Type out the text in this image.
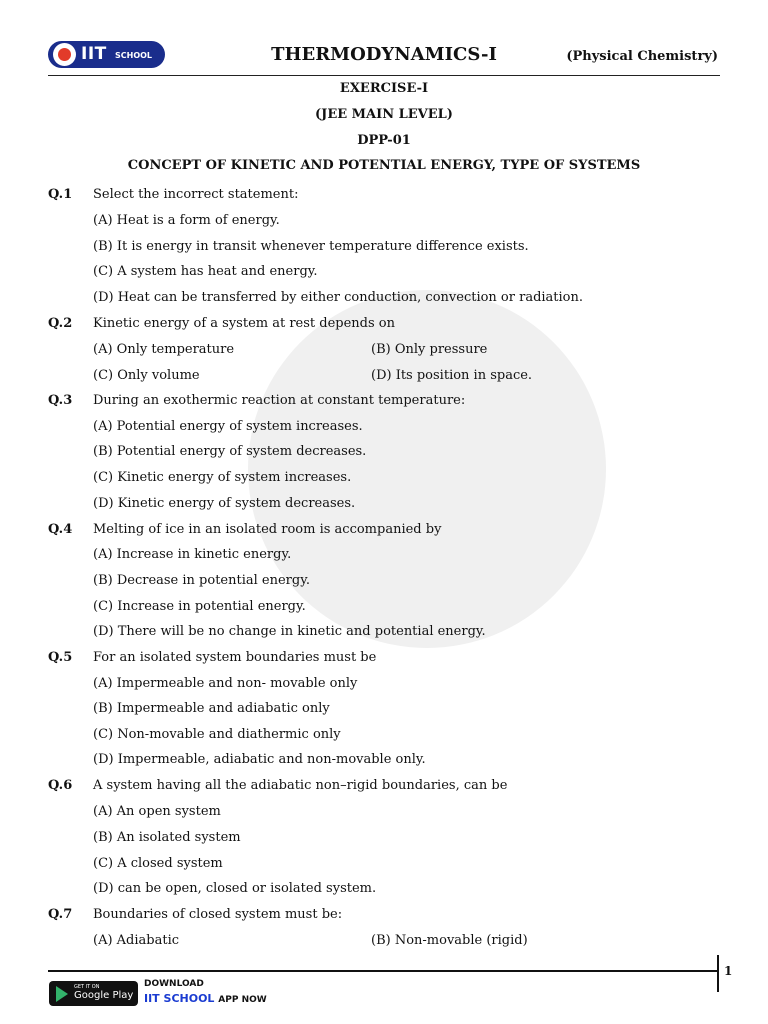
IIT SCHOOL	THERMODYNAMICS-I	(Physical Chemistry)
EXERCISE-I
(JEE MAIN LEVEL)
DPP-01
CONCEPT OF KINETIC AND POTENTIAL ENERGY, TYPE OF SYSTEMS
Q.1 Select the incorrect statement:
(A) Heat is a form of energy.
(B) It is energy in transit whenever temperature difference exists.
(C) A system has heat and energy.
(D) Heat can be transferred by either conduction, convection or radiation.
Q.2 Kinetic energy of a system at rest depends on
(A) Only temperature	(B) Only pressure
(C) Only volume	(D) Its position in space.
Q.3 During an exothermic reaction at constant temperature:
(A) Potential energy of system increases.
(B) Potential energy of system decreases.
(C) Kinetic energy of system increases.
(D) Kinetic energy of system decreases.
Q.4 Melting of ice in an isolated room is accompanied by
(A) Increase in kinetic energy.
(B) Decrease in potential energy.
(C) Increase in potential energy.
(D) There will be no change in kinetic and potential energy.
Q.5 For an isolated system boundaries must be
(A) Impermeable and non- movable only
(B) Impermeable and adiabatic only
(C) Non-movable and diathermic only
(D) Impermeable, adiabatic and non-movable only.
Q.6 A system having all the adiabatic non–rigid boundaries, can be
(A) An open system
(B) An isolated system
(C) A closed system
(D) can be open, closed or isolated system.
Q.7 Boundaries of closed system must be:
(A) Adiabatic	(B) Non-movable (rigid)
1
GET IT ON
Google Play
DOWNLOAD
IIT SCHOOL APP NOW
